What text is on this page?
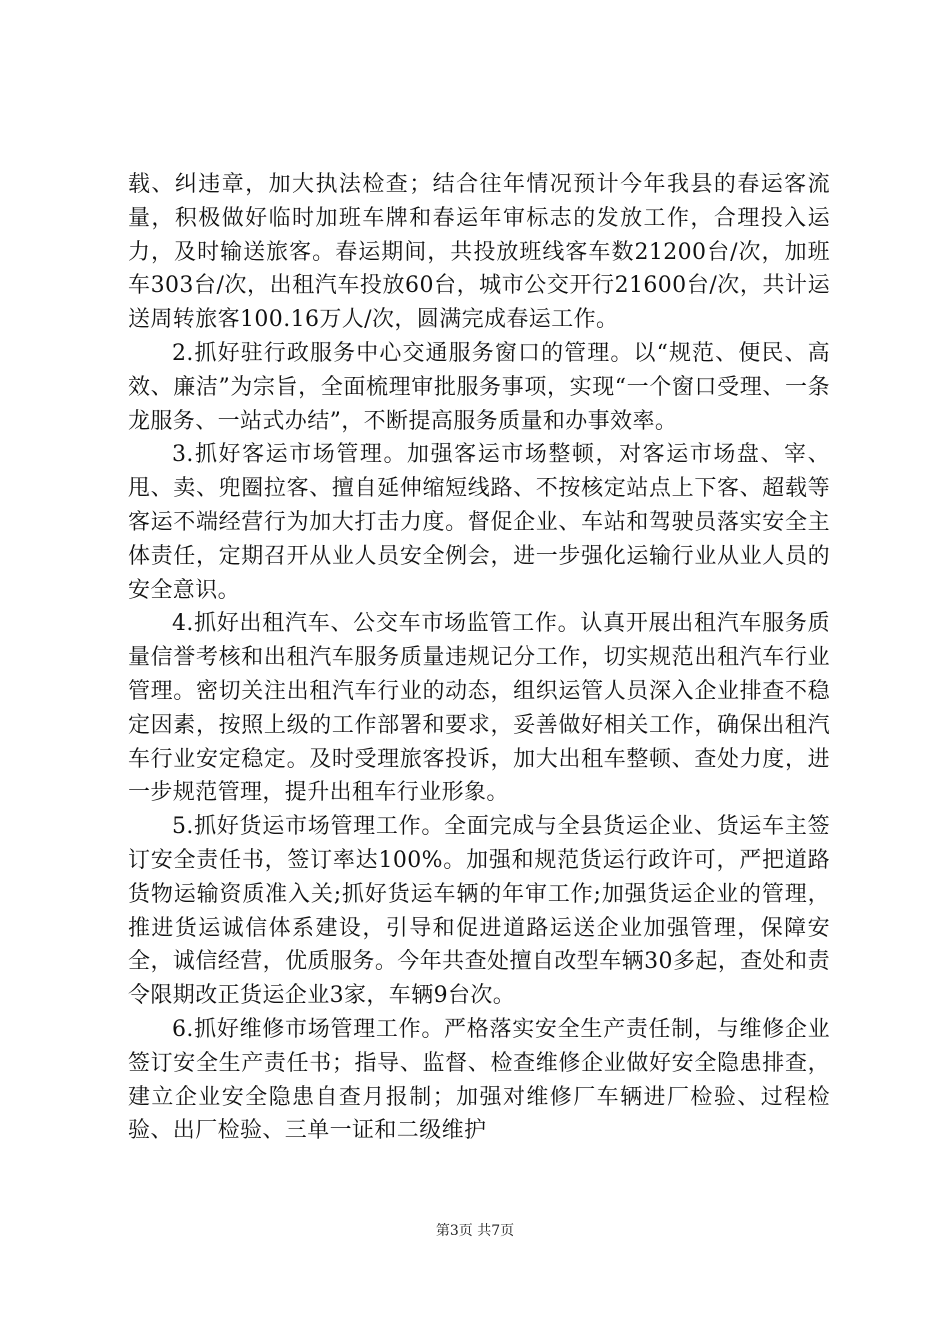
载、纠违章，加大执法检查；结合往年情况预计今年我县的春运客流量，积极做好临时加班车牌和春运年审标志的发放工作，合理投入运力，及时输送旅客。春运期间，共投放班线客车数21200台/次，加班车303台/次，出租汽车投放60台，城市公交开行21600台/次，共计运送周转旅客100.16万人/次，圆满完成春运工作。

2.抓好驻行政服务中心交通服务窗口的管理。以“规范、便民、高效、廉洁”为宗旨，全面梳理审批服务事项，实现“一个窗口受理、一条龙服务、一站式办结”，不断提高服务质量和办事效率。

3.抓好客运市场管理。加强客运市场整顿，对客运市场盘、宰、甩、卖、兜圈拉客、擅自延伸缩短线路、不按核定站点上下客、超载等客运不端经营行为加大打击力度。督促企业、车站和驾驶员落实安全主体责任，定期召开从业人员安全例会，进一步强化运输行业从业人员的安全意识。

4.抓好出租汽车、公交车市场监管工作。认真开展出租汽车服务质量信誉考核和出租汽车服务质量违规记分工作，切实规范出租汽车行业管理。密切关注出租汽车行业的动态，组织运管人员深入企业排查不稳定因素，按照上级的工作部署和要求，妥善做好相关工作，确保出租汽车行业安定稳定。及时受理旅客投诉，加大出租车整顿、查处力度，进一步规范管理，提升出租车行业形象。

5.抓好货运市场管理工作。全面完成与全县货运企业、货运车主签订安全责任书，签订率达100%。加强和规范货运行政许可，严把道路货物运输资质准入关;抓好货运车辆的年审工作;加强货运企业的管理，推进货运诚信体系建设，引导和促进道路运送企业加强管理，保障安全，诚信经营，优质服务。今年共查处擅自改型车辆30多起，查处和责令限期改正货运企业3家，车辆9台次。

6.抓好维修市场管理工作。严格落实安全生产责任制，与维修企业签订安全生产责任书；指导、监督、检查维修企业做好安全隐患排查，建立企业安全隐患自查月报制；加强对维修厂车辆进厂检验、过程检验、出厂检验、三单一证和二级维护

第3页 共7页
